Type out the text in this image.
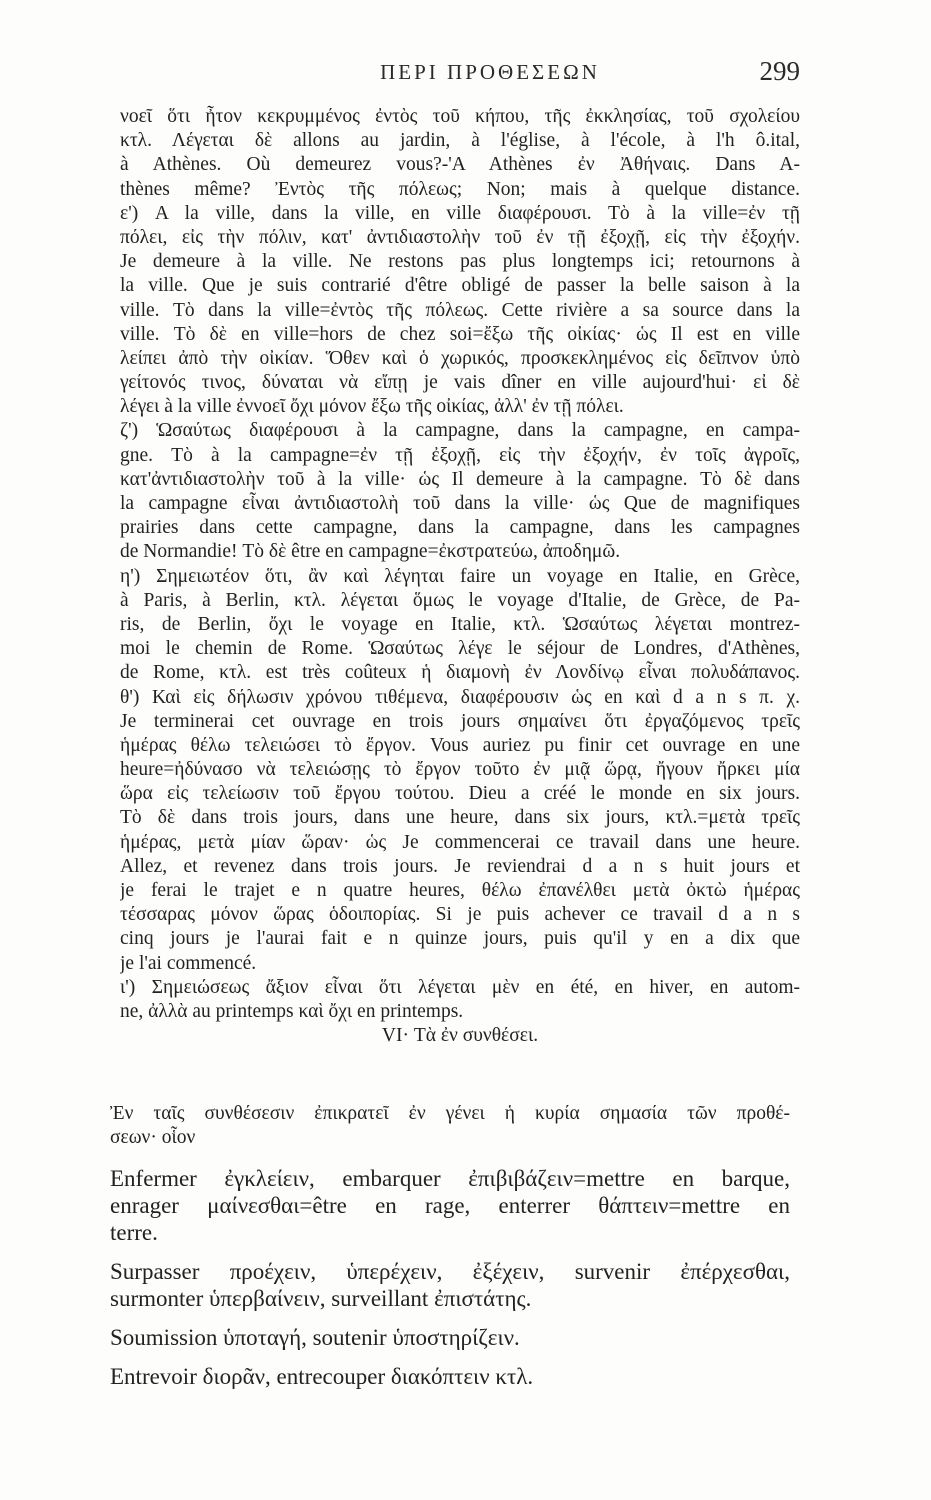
ΠΕΡΙ ΠΡΟΘΕΣΕΩΝ	299
νοεῖ ὅτι ἦτον κεκρυμμένος ἐντὸς τοῦ κήπου, τῆς ἐκκλησίας, τοῦ σχολείου
κτλ. Λέγεται δὲ allons au jardin, à l'église, à l'école, à l'h ô.ital,
à Athènes. Où demeurez vous?-'A Athènes ἐν Ἀθήναις. Dans A-
thènes même? Ἐντὸς τῆς πόλεως; Non; mais à quelque distance.
ε') A la ville, dans la ville, en ville διαφέρουσι. Τὸ à la ville=ἐν τῇ
πόλει, εἰς τὴν πόλιν, κατ' ἀντιδιαστολὴν τοῦ ἐν τῇ ἐξοχῇ, εἰς τὴν ἐξοχήν.
Je demeure à la ville. Ne restons pas plus longtemps ici; retournons à
la ville. Que je suis contrarié d'être obligé de passer la belle saison à la
ville. Τὸ dans la ville=ἐντὸς τῆς πόλεως. Cette rivière a sa source dans la
ville. Τὸ δὲ en ville=hors de chez soi=ἔξω τῆς οἰκίας· ὡς Il est en ville
λείπει ἀπὸ τὴν οἰκίαν. Ὅθεν καὶ ὁ χωρικός, προσκεκλημένος εἰς δεῖπνον ὑπὸ
γείτονός τινος, δύναται νὰ εἴπῃ je vais dîner en ville aujourd'hui· εἰ δὲ
λέγει à la ville ἐννοεῖ ὄχι μόνον ἔξω τῆς οἰκίας, ἀλλ' ἐν τῇ πόλει.
ζ') Ὡσαύτως διαφέρουσι à la campagne, dans la campagne, en campa-
gne. Τὸ à la campagne=ἐν τῇ ἐξοχῇ, εἰς τὴν ἐξοχήν, ἐν τοῖς ἀγροῖς,
κατ'ἀντιδιαστολὴν τοῦ à la ville· ὡς Il demeure à la campagne. Τὸ δὲ dans
la campagne εἶναι ἀντιδιαστολὴ τοῦ dans la ville· ὡς Que de magnifiques
prairies dans cette campagne, dans la campagne, dans les campagnes
de Normandie! Τὸ δὲ être en campagne=ἐκστρατεύω, ἀποδημῶ.
η') Σημειωτέον ὅτι, ἂν καὶ λέγηται faire un voyage en Italie, en Grèce,
à Paris, à Berlin, κτλ. λέγεται ὅμως le voyage d'Italie, de Grèce, de Pa-
ris, de Berlin, ὄχι le voyage en Italie, κτλ. Ὡσαύτως λέγεται montrez-
moi le chemin de Rome. Ὡσαύτως λέγε le séjour de Londres, d'Athènes,
de Rome, κτλ. est très coûteux ἡ διαμονὴ ἐν Λονδίνῳ εἶναι πολυδάπανος.
θ') Καὶ εἰς δήλωσιν χρόνου τιθέμενα, διαφέρουσιν ὡς en καὶ d a n s π. χ.
Je terminerai cet ouvrage en trois jours σημαίνει ὅτι ἐργαζόμενος τρεῖς
ἡμέρας θέλω τελειώσει τὸ ἔργον. Vous auriez pu finir cet ouvrage en une
heure=ἠδύνασο νὰ τελειώσῃς τὸ ἔργον τοῦτο ἐν μιᾷ ὥρᾳ, ἤγουν ἤρκει μία
ὥρα εἰς τελείωσιν τοῦ ἔργου τούτου. Dieu a créé le monde en six jours.
Τὸ δὲ dans trois jours, dans une heure, dans six jours, κτλ.=μετὰ τρεῖς
ἡμέρας, μετὰ μίαν ὥραν· ὡς Je commencerai ce travail dans une heure.
Allez, et revenez dans trois jours. Je reviendrai d a n s huit jours et
je ferai le trajet e n quatre heures, θέλω ἐπανέλθει μετὰ ὀκτὼ ἡμέρας
τέσσαρας μόνον ὥρας ὁδοιπορίας. Si je puis achever ce travail d a n s
cinq jours je l'aurai fait e n quinze jours, puis qu'il y en a dix que
je l'ai commencé.
ι') Σημειώσεως ἄξιον εἶναι ὅτι λέγεται μὲν en été, en hiver, en autom-
ne, ἀλλὰ au printemps καὶ ὄχι en printemps.
VI· Τὰ ἐν συνθέσει.
Ἐν ταῖς συνθέσεσιν ἐπικρατεῖ ἐν γένει ἡ κυρία σημασία τῶν προθέ-
σεων· οἷον
Enfermer ἐγκλείειν, embarquer ἐπιβιβάζειν=mettre en barque,
enrager μαίνεσθαι=être en rage, enterrer θάπτειν=mettre en
terre.
Surpasser προέχειν, ὑπερέχειν, ἐξέχειν, survenir ἐπέρχεσθαι,
surmonter ὑπερβαίνειν, surveillant ἐπιστάτης.
Soumission ὑποταγή, soutenir ὑποστηρίζειν.
Entrevoir διορᾶν, entrecouper διακόπτειν κτλ.
